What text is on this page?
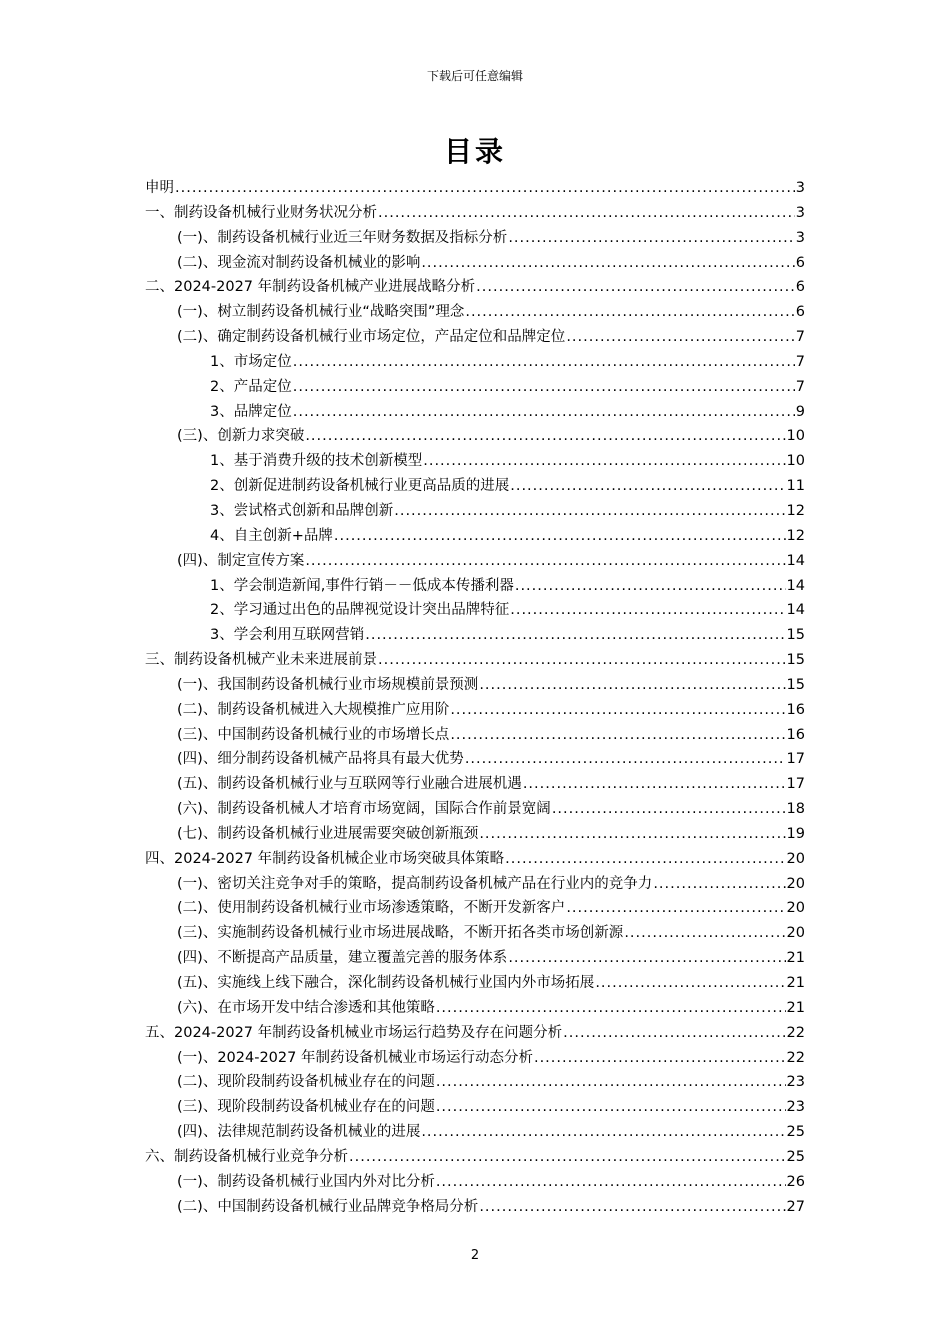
下载后可任意编辑
目录
申明 .....	3
一、制药设备机械行业财务状况分析 .....	3
(一)、制药设备机械行业近三年财务数据及指标分析 .....	3
(二)、现金流对制药设备机械业的影响 .....	6
二、2024-2027 年制药设备机械产业进展战略分析 .....	6
(一)、树立制药设备机械行业“战略突围”理念 .....	6
(二)、确定制药设备机械行业市场定位，产品定位和品牌定位 .....	7
1、市场定位 .....	7
2、产品定位 .....	7
3、品牌定位 .....	9
(三)、创新力求突破 .....	10
1、基于消费升级的技术创新模型 .....	10
2、创新促进制药设备机械行业更高品质的进展 .....	11
3、尝试格式创新和品牌创新 .....	12
4、自主创新+品牌 .....	12
(四)、制定宣传方案 .....	14
1、学会制造新闻,事件行销－－低成本传播利器 .....	14
2、学习通过出色的品牌视觉设计突出品牌特征 .....	14
3、学会利用互联网营销 .....	15
三、制药设备机械产业未来进展前景 .....	15
(一)、我国制药设备机械行业市场规模前景预测 .....	15
(二)、制药设备机械进入大规模推广应用阶 .....	16
(三)、中国制药设备机械行业的市场增长点 .....	16
(四)、细分制药设备机械产品将具有最大优势 .....	17
(五)、制药设备机械行业与互联网等行业融合进展机遇 .....	17
(六)、制药设备机械人才培育市场宽阔，国际合作前景宽阔 .....	18
(七)、制药设备机械行业进展需要突破创新瓶颈 .....	19
四、2024-2027 年制药设备机械企业市场突破具体策略 .....	20
(一)、密切关注竞争对手的策略，提高制药设备机械产品在行业内的竞争力 .....	20
(二)、使用制药设备机械行业市场渗透策略，不断开发新客户 .....	20
(三)、实施制药设备机械行业市场进展战略，不断开拓各类市场创新源 .....	20
(四)、不断提高产品质量，建立覆盖完善的服务体系 .....	21
(五)、实施线上线下融合，深化制药设备机械行业国内外市场拓展 .....	21
(六)、在市场开发中结合渗透和其他策略 .....	21
五、2024-2027 年制药设备机械业市场运行趋势及存在问题分析 .....	22
(一)、2024-2027 年制药设备机械业市场运行动态分析 .....	22
(二)、现阶段制药设备机械业存在的问题 .....	23
(三)、现阶段制药设备机械业存在的问题 .....	23
(四)、法律规范制药设备机械业的进展 .....	25
六、制药设备机械行业竞争分析 .....	25
(一)、制药设备机械行业国内外对比分析 .....	26
(二)、中国制药设备机械行业品牌竞争格局分析 .....	27
2
